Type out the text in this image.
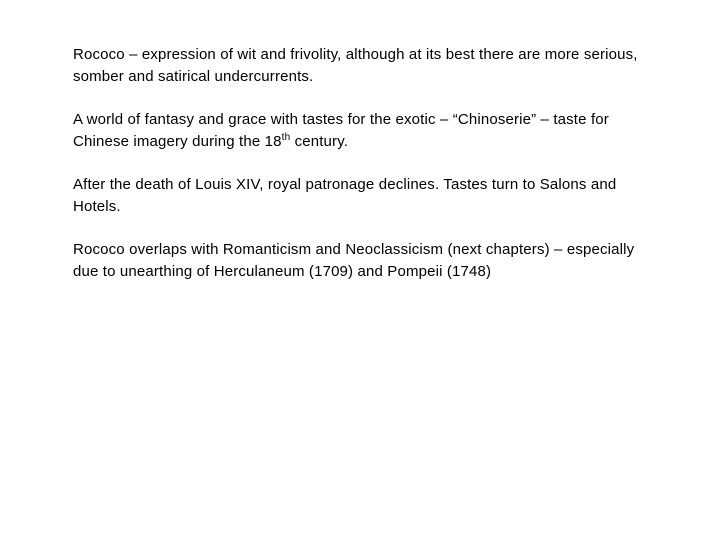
Rococo – expression of wit and frivolity, although at its best there are more serious, somber and satirical undercurrents.

A world of fantasy and grace with tastes for the exotic – “Chinoserie” – taste for Chinese imagery during the 18th century.

After the death of Louis XIV, royal patronage declines. Tastes turn to Salons and Hotels.

Rococo overlaps with Romanticism and Neoclassicism (next chapters) – especially due to unearthing of Herculaneum (1709) and Pompeii (1748)
